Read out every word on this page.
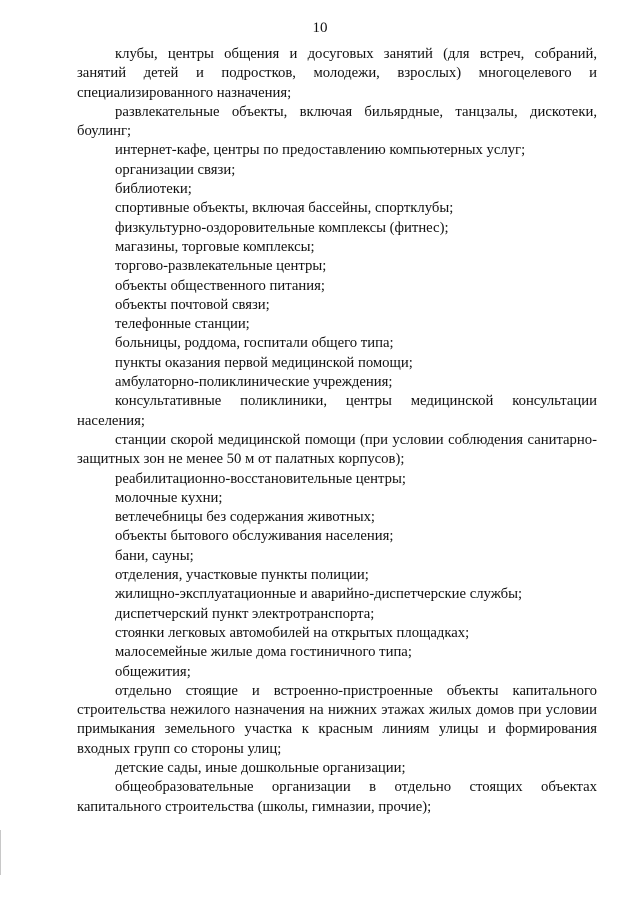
10

клубы, центры общения и досуговых занятий (для встреч, собраний, занятий детей и подростков, молодежи, взрослых) многоцелевого и специализированного назначения;

развлекательные объекты, включая бильярдные, танцзалы, дискотеки, боулинг;

интернет-кафе, центры по предоставлению компьютерных услуг;

организации связи;

библиотеки;

спортивные объекты, включая бассейны, спортклубы;

физкультурно-оздоровительные комплексы (фитнес);

магазины, торговые комплексы;

торгово-развлекательные центры;

объекты общественного питания;

объекты почтовой связи;

телефонные станции;

больницы, роддома, госпитали общего типа;

пункты оказания первой медицинской помощи;

амбулаторно-поликлинические учреждения;

консультативные поликлиники, центры медицинской консультации населения;

станции скорой медицинской помощи (при условии соблюдения санитарно-защитных зон не менее 50 м от палатных корпусов);

реабилитационно-восстановительные центры;

молочные кухни;

ветлечебницы без содержания животных;

объекты бытового обслуживания населения;

бани, сауны;

отделения, участковые пункты полиции;

жилищно-эксплуатационные и аварийно-диспетчерские службы;

диспетчерский пункт электротранспорта;

стоянки легковых автомобилей на открытых площадках;

малосемейные жилые дома гостиничного типа;

общежития;

отдельно стоящие и встроенно-пристроенные объекты капитального строительства нежилого назначения на нижних этажах жилых домов при условии примыкания земельного участка к красным линиям улицы и формирования входных групп со стороны улиц;

детские сады, иные дошкольные организации;

общеобразовательные организации в отдельно стоящих объектах капитального строительства (школы, гимназии, прочие);
